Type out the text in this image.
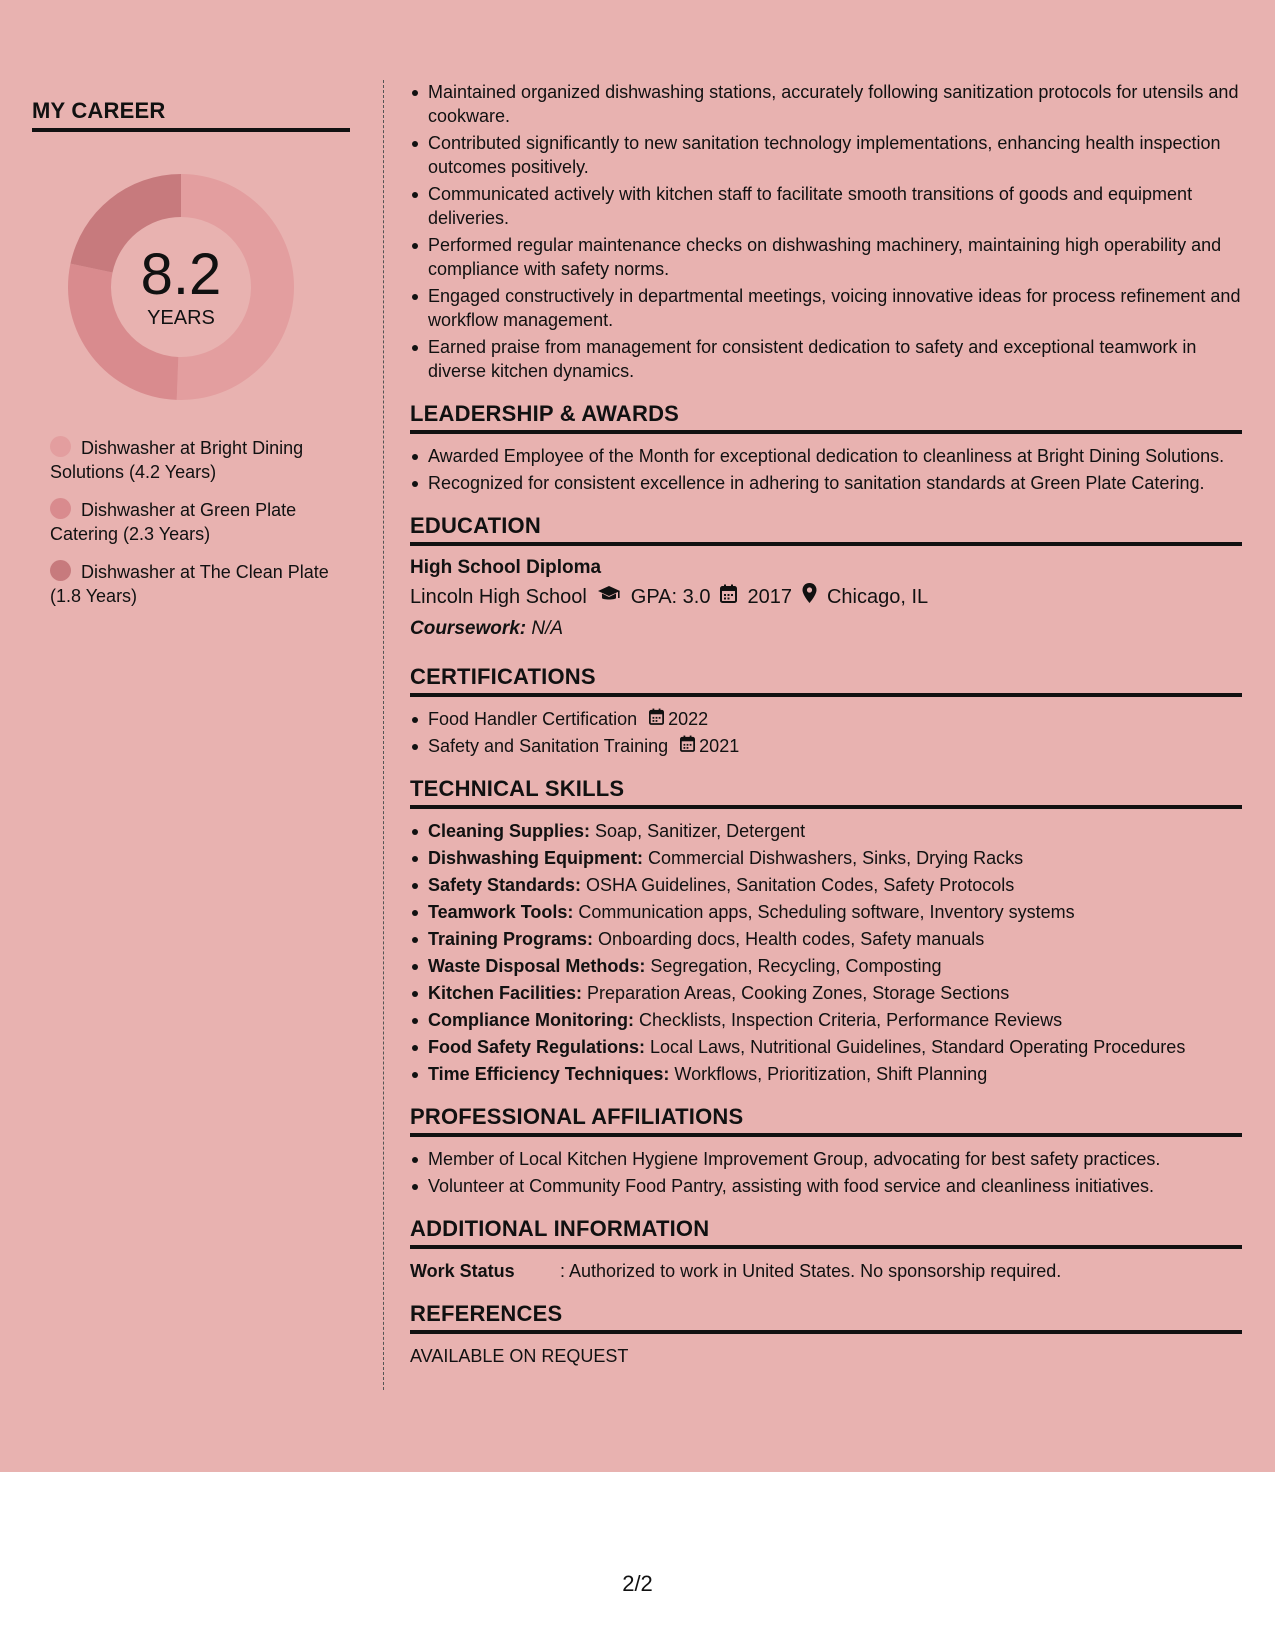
MY CAREER
8.2
YEARS
Dishwasher at Bright Dining Solutions (4.2 Years)
Dishwasher at Green Plate Catering (2.3 Years)
Dishwasher at The Clean Plate (1.8 Years)
Maintained organized dishwashing stations, accurately following sanitization protocols for utensils and cookware.
Contributed significantly to new sanitation technology implementations, enhancing health inspection outcomes positively.
Communicated actively with kitchen staff to facilitate smooth transitions of goods and equipment deliveries.
Performed regular maintenance checks on dishwashing machinery, maintaining high operability and compliance with safety norms.
Engaged constructively in departmental meetings, voicing innovative ideas for process refinement and workflow management.
Earned praise from management for consistent dedication to safety and exceptional teamwork in diverse kitchen dynamics.
LEADERSHIP & AWARDS
Awarded Employee of the Month for exceptional dedication to cleanliness at Bright Dining Solutions.
Recognized for consistent excellence in adhering to sanitation standards at Green Plate Catering.
EDUCATION
High School Diploma
Lincoln High School GPA: 3.0 2017 Chicago, IL
Coursework: N/A
CERTIFICATIONS
Food Handler Certification 2022
Safety and Sanitation Training 2021
TECHNICAL SKILLS
Cleaning Supplies: Soap, Sanitizer, Detergent
Dishwashing Equipment: Commercial Dishwashers, Sinks, Drying Racks
Safety Standards: OSHA Guidelines, Sanitation Codes, Safety Protocols
Teamwork Tools: Communication apps, Scheduling software, Inventory systems
Training Programs: Onboarding docs, Health codes, Safety manuals
Waste Disposal Methods: Segregation, Recycling, Composting
Kitchen Facilities: Preparation Areas, Cooking Zones, Storage Sections
Compliance Monitoring: Checklists, Inspection Criteria, Performance Reviews
Food Safety Regulations: Local Laws, Nutritional Guidelines, Standard Operating Procedures
Time Efficiency Techniques: Workflows, Prioritization, Shift Planning
PROFESSIONAL AFFILIATIONS
Member of Local Kitchen Hygiene Improvement Group, advocating for best safety practices.
Volunteer at Community Food Pantry, assisting with food service and cleanliness initiatives.
ADDITIONAL INFORMATION
Work Status	: Authorized to work in United States. No sponsorship required.
REFERENCES
AVAILABLE ON REQUEST
2/2
